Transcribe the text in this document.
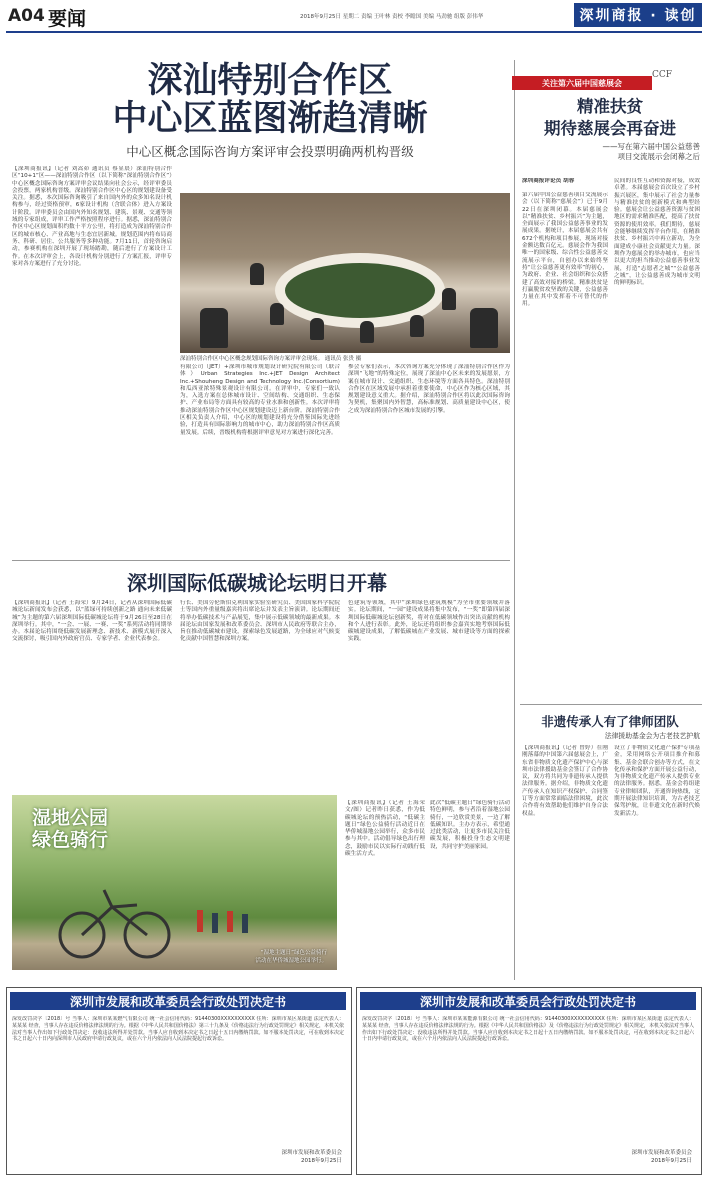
A04 要闻	2018年9月25日 星期二 责编 王叶林 责校 李瞻国 美编 马劲驰 组版 彭伟华	深圳商报 · 读创
深汕特别合作区
中心区蓝图渐趋清晰
中心区概念国际咨询方案评审会投票明确两机构晋级
【深圳商报讯】（记者 刘嵩茆 通讯员 蔡显晨）深汕特别合作区“10+1”区——深汕特别合作区（以下简称“深汕特别合作区”）中心区概念国际咨询方案评审会议结果向社会公示，经评审委员会投票，两家机构晋级。深汕特别合作区中心区的规划建设备受关注。据悉，本次国际咨询吸引了来自国内外的众多知名设计机构参与，经过资格预审，6家设计机构（含联合体）进入方案设计阶段。评审委员会由国内外知名规划、建筑、景观、交通等领域的专家组成，评审工作严格按照程序进行。据悉，深汕特别合作区中心区规划面积约数十平方公里，将打造成为深汕特别合作区的城市核心、产业高地与生态宜居新城。规划范围内将布局商务、科研、居住、公共服务等多种功能。7月11日，首轮咨询启动，参赛机构在深圳开展了现场踏勘，随后进行了方案设计工作。在本次评审会上，各设计机构分别进行了方案汇报，评审专家对各方案进行了充分讨论。
深汕特别合作区中心区概念规划国际咨询方案评审会现场。 通讯员 张贵 摄
有限公司（JET）+深圳市城市规划设计研究院有限公司（联合体）Urban Strategies Inc.+JET Design Architect Inc.+Shouheng Design and Technology Inc.(Consortium)和瓜西亚浓特殊景观设计有限公司。在评审中，专家们一致认为，入选方案在总体城市设计、空间结构、交通组织、生态保护、产业布局等方面具有较高的专业水准和创新性。本次评审将推动深汕特别合作区中心区规划建设迈上新台阶。深汕特别合作区相关负责人介绍，中心区的规划建设将充分借鉴国际先进经验，打造具有国际影响力的城市中心，助力深汕特别合作区高质量发展。后续，晋级机构将根据评审意见对方案进行深化完善。
参会专家们表示，本次咨询方案充分体现了深汕特别合作区作为深圳“飞地”的特殊定位，展现了深汕中心区未来的发展愿景，方案在城市设计、交通组织、生态环境等方面各具特色。深汕特别合作区在区域发展中承担着重要使命，中心区作为核心区域，其规划建设意义重大。据介绍，深汕特别合作区将以此次国际咨询为契机，集聚国内外智慧，高标准规划、高质量建设中心区，使之成为深汕特别合作区城市发展的引擎。
关注第六届中国慈展会
CCF
精准扶贫
期待慈展会再奋进
——写在第六届中国公益慈善
项目交流展示会闭幕之后
深圳商报评论员 胡蓉
第六届中国公益慈善项目交流展示会（以下简称“慈展会”）已于9月22日在深圳闭幕。本届慈展会以“精准扶贫、乡村振兴”为主题，全面展示了我国公益慈善事业的发展成果。据统计，本届慈展会共有672个机构和项目参展，现场对接金额达数百亿元。慈展会作为我国唯一的国家级、综合性公益慈善交流展示平台，自创办以来始终坚持“让公益慈善更有效率”的初心，为政府、企业、社会组织和公众搭建了高效对接的桥梁。精准扶贫是打赢脱贫攻坚战的关键，公益慈善力量在其中发挥着不可替代的作用。
民间的良性互动和资源对接，成效卓著。本届慈展会首次设立了乡村振兴展区，集中展示了社会力量参与精准扶贫的创新模式和典型经验。慈展会让公益慈善资源与贫困地区的需求精准匹配，提高了扶贫资源的使用效率。我们期待，慈展会能够继续发挥平台作用，在精准扶贫、乡村振兴中再立新功，为全面建成小康社会贡献更大力量。深圳作为慈展会的举办城市，也应当以更大的担当推动公益慈善事业发展，打造“志愿者之城”“公益慈善之城”，让公益慈善成为城市文明的鲜明标识。
深圳国际低碳城论坛明日开幕
【深圳商报讯】（记者 王海荣）9月24日，记者从深圳国际低碳城论坛新闻发布会获悉，以“蓝绿可持续创新之路 通向未来低碳城”为主题的第六届深圳国际低碳城论坛将于9月26日至28日在深圳举行。其中，“一会、一展、一赛、一奖”系列活动将同期举办。本届论坛将围绕低碳发展新理念、新技术、新模式展开深入交流探讨，吸引国内外政府官员、专家学者、企业代表参会。
行长、美国劳伦斯伯克利国家实验室研究员、美国国家科学院院士等国内外重量级嘉宾将出席论坛并发表主旨演讲。论坛期间还将举办低碳技术与产品展览，集中展示低碳领域的最新成果。本届论坛由国家发展和改革委员会、深圳市人民政府等联合主办，旨在推动低碳城市建设，探索绿色发展道路，为全球应对气候变化贡献中国智慧和深圳方案。
色建筑等领域，其中“深圳绿色建筑规模”为全市重要领域并落实。论坛期间，“一园”建设成果将集中发布，“一奖”即第四届深圳国际低碳城论坛创新奖，将对在低碳领域作出突出贡献的机构和个人进行表彰。此外，论坛还将组织参会嘉宾实地考察国际低碳城建设成果，了解低碳城在产业发展、城市建设等方面的探索实践。
湿地公园
绿色骑行
“湿地主题日”绿色公益骑行
活动在华侨城湿地公园举行。
【深圳商报讯】（记者 王海荣 文/图）记者昨日获悉，作为低碳城论坛的预热活动，“低碳主题日”绿色公益骑行活动近日在华侨城湿地公园举行，众多市民参与其中。活动倡导绿色出行理念，鼓励市民以实际行动践行低碳生活方式。
此次“低碳主题日”绿色骑行活动特色鲜明，参与者沿着湿地公园骑行，一边欣赏美景，一边了解低碳知识。主办方表示，希望通过此类活动，让更多市民关注低碳发展，积极投身生态文明建设，共同守护美丽家园。
非遗传承人有了律师团队
法律援助基金会为古老技艺护航
【深圳商报讯】（记者 曾婷）在刚刚落幕的中国第六届慈展会上，广东省非物质文化遗产保护中心与深圳市法律援助基金会签订了合作协议，双方将共同为非遗传承人提供法律服务。据介绍，非物质文化遗产传承人在知识产权保护、合同签订等方面常常面临法律困境，此次合作将有效帮助他们维护自身合法权益。
设立了非物质文化遗产保护专项基金，采用网络公开项目推介和募集、基金会联合创办等方式，在文化传承和保护方面开展公益行动，为非物质文化遗产传承人提供专业的法律服务。据悉，基金会将组建专业律师团队，开通咨询热线，定期开展法律知识培训，为古老技艺保驾护航，让非遗文化在新时代焕发新活力。
深圳市发展和改革委员会行政处罚决定书
深发改罚决字〔2018〕号 当事人：深圳市某某燃气有限公司 统一社会信用代码：91440300XXXXXXXXXX 住所：深圳市某区某街道 法定代表人：某某某 经查，当事人存在违反价格法律法规的行为。根据《中华人民共和国价格法》第三十九条及《价格违法行为行政处罚规定》相关规定，本机关依法对当事人作出如下行政处罚决定：没收违法所得并处罚款。当事人应自收到本决定书之日起十五日内缴纳罚款。如不服本处罚决定，可在收到本决定书之日起六十日内向深圳市人民政府申请行政复议，或在六个月内依法向人民法院提起行政诉讼。
深圳市发展和改革委员会
2018年9月25日
深圳市发展和改革委员会行政处罚决定书
深发改罚决字〔2018〕号 当事人：深圳市某某能源有限公司 统一社会信用代码：91440300XXXXXXXXXX 住所：深圳市某区某街道 法定代表人：某某某 经查，当事人存在违反价格法律法规的行为。根据《中华人民共和国价格法》及《价格违法行为行政处罚规定》相关规定，本机关依法对当事人作出如下行政处罚决定：没收违法所得并处罚款。当事人应自收到本决定书之日起十五日内缴纳罚款。如不服本处罚决定，可在收到本决定书之日起六十日内申请行政复议，或在六个月内依法向人民法院提起行政诉讼。
深圳市发展和改革委员会
2018年9月25日
